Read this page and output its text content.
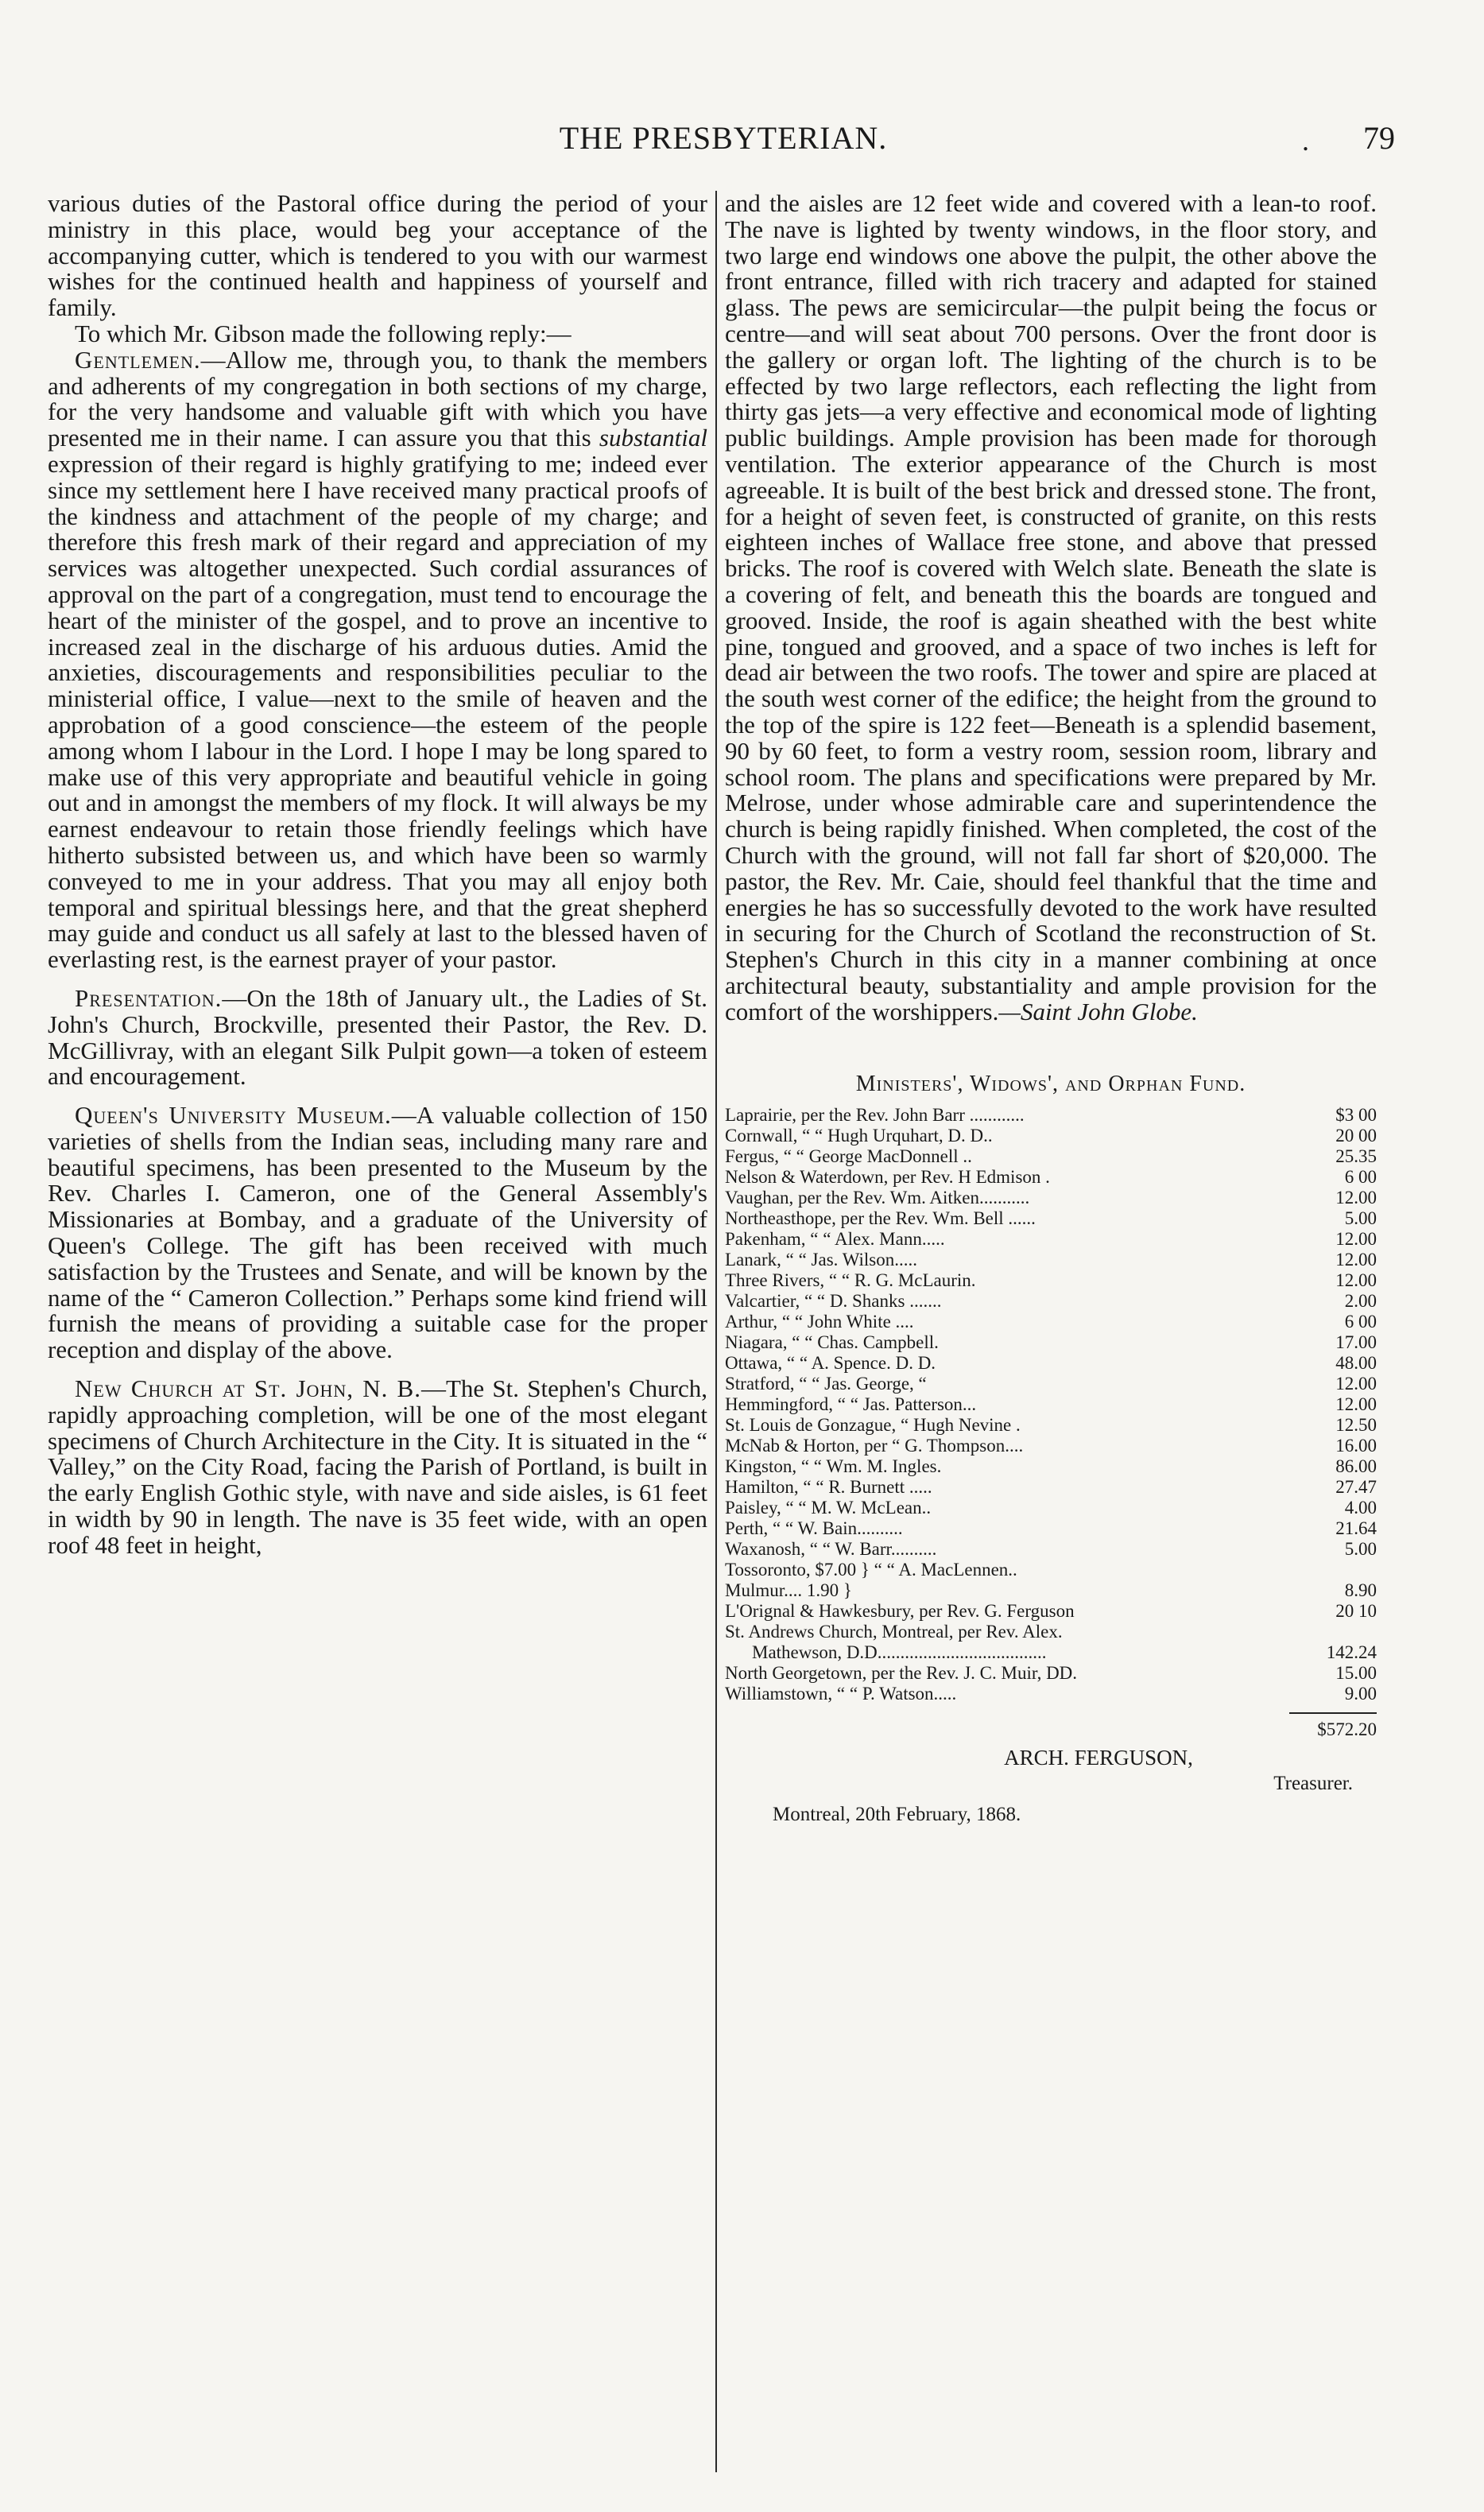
THE PRESBYTERIAN.	. 79

various duties of the Pastoral office during the period of your ministry in this place, would beg your acceptance of the accompanying cutter, which is tendered to you with our warmest wishes for the continued health and happiness of yourself and family.

To which Mr. Gibson made the following reply:—

Gentlemen.—Allow me, through you, to thank the members and adherents of my congregation in both sections of my charge, for the very handsome and valuable gift with which you have presented me in their name. I can assure you that this substantial expression of their regard is highly gratifying to me; indeed ever since my settlement here I have received many practical proofs of the kindness and attachment of the people of my charge; and therefore this fresh mark of their regard and appreciation of my services was altogether unexpected. Such cordial assurances of approval on the part of a congregation, must tend to encourage the heart of the minister of the gospel, and to prove an incentive to increased zeal in the discharge of his arduous duties. Amid the anxieties, discouragements and responsibilities peculiar to the ministerial office, I value—next to the smile of heaven and the approbation of a good conscience—the esteem of the people among whom I labour in the Lord. I hope I may be long spared to make use of this very appropriate and beautiful vehicle in going out and in amongst the members of my flock. It will always be my earnest endeavour to retain those friendly feelings which have hitherto subsisted between us, and which have been so warmly conveyed to me in your address. That you may all enjoy both temporal and spiritual blessings here, and that the great shepherd may guide and conduct us all safely at last to the blessed haven of everlasting rest, is the earnest prayer of your pastor.

Presentation.—On the 18th of January ult., the Ladies of St. John's Church, Brockville, presented their Pastor, the Rev. D. McGillivray, with an elegant Silk Pulpit gown—a token of esteem and encouragement.

Queen's University Museum.—A valuable collection of 150 varieties of shells from the Indian seas, including many rare and beautiful specimens, has been presented to the Museum by the Rev. Charles I. Cameron, one of the General Assembly's Missionaries at Bombay, and a graduate of the University of Queen's College. The gift has been received with much satisfaction by the Trustees and Senate, and will be known by the name of the “ Cameron Collection.” Perhaps some kind friend will furnish the means of providing a suitable case for the proper reception and display of the above.

New Church at St. John, N. B.—The St. Stephen's Church, rapidly approaching completion, will be one of the most elegant specimens of Church Architecture in the City. It is situated in the “ Valley,” on the City Road, facing the Parish of Portland, is built in the early English Gothic style, with nave and side aisles, is 61 feet in width by 90 in length. The nave is 35 feet wide, with an open roof 48 feet in height,

and the aisles are 12 feet wide and covered with a lean-to roof. The nave is lighted by twenty windows, in the floor story, and two large end windows one above the pulpit, the other above the front entrance, filled with rich tracery and adapted for stained glass. The pews are semicircular—the pulpit being the focus or centre—and will seat about 700 persons. Over the front door is the gallery or organ loft. The lighting of the church is to be effected by two large reflectors, each reflecting the light from thirty gas jets—a very effective and economical mode of lighting public buildings. Ample provision has been made for thorough ventilation. The exterior appearance of the Church is most agreeable. It is built of the best brick and dressed stone. The front, for a height of seven feet, is constructed of granite, on this rests eighteen inches of Wallace free stone, and above that pressed bricks. The roof is covered with Welch slate. Beneath the slate is a covering of felt, and beneath this the boards are tongued and grooved. Inside, the roof is again sheathed with the best white pine, tongued and grooved, and a space of two inches is left for dead air between the two roofs. The tower and spire are placed at the south west corner of the edifice; the height from the ground to the top of the spire is 122 feet—Beneath is a splendid basement, 90 by 60 feet, to form a vestry room, session room, library and school room. The plans and specifications were prepared by Mr. Melrose, under whose admirable care and superintendence the church is being rapidly finished. When completed, the cost of the Church with the ground, will not fall far short of $20,000. The pastor, the Rev. Mr. Caie, should feel thankful that the time and energies he has so successfully devoted to the work have resulted in securing for the Church of Scotland the reconstruction of St. Stephen's Church in this city in a manner combining at once architectural beauty, substantiality and ample provision for the comfort of the worshippers.—Saint John Globe.

Ministers', Widows', and Orphan Fund.
Laprairie, per the Rev. John Barr ............	$3 00
Cornwall, “ “ Hugh Urquhart, D. D..	20 00
Fergus, “ “ George MacDonnell ..	25.35
Nelson & Waterdown, per Rev. H Edmison .	6 00
Vaughan, per the Rev. Wm. Aitken...........	12.00
Northeasthope, per the Rev. Wm. Bell ......	5.00
Pakenham, “ “ Alex. Mann.....	12.00
Lanark, “ “ Jas. Wilson.....	12.00
Three Rivers, “ “ R. G. McLaurin.	12.00
Valcartier, “ “ D. Shanks .......	2.00
Arthur, “ “ John White ....	6 00
Niagara, “ “ Chas. Campbell.	17.00
Ottawa, “ “ A. Spence. D. D.	48.00
Stratford, “ “ Jas. George, “	12.00
Hemmingford, “ “ Jas. Patterson...	12.00
St. Louis de Gonzague, “ Hugh Nevine .	12.50
McNab & Horton, per “ G. Thompson....	16.00
Kingston, “ “ Wm. M. Ingles.	86.00
Hamilton, “ “ R. Burnett .....	27.47
Paisley, “ “ M. W. McLean..	4.00
Perth, “ “ W. Bain..........	21.64
Waxanosh, “ “ W. Barr..........	5.00
Tossoronto, $7.00 } “ “ A. MacLennen..
Mulmur.... 1.90 }	8.90
L'Orignal & Hawkesbury, per Rev. G. Ferguson	20 10
St. Andrews Church, Montreal, per Rev. Alex.
Mathewson, D.D.....................................	142.24
North Georgetown, per the Rev. J. C. Muir, DD.	15.00
Williamstown, “ “ P. Watson.....	9.00
$572.20
ARCH. FERGUSON,
Treasurer.
Montreal, 20th February, 1868.
